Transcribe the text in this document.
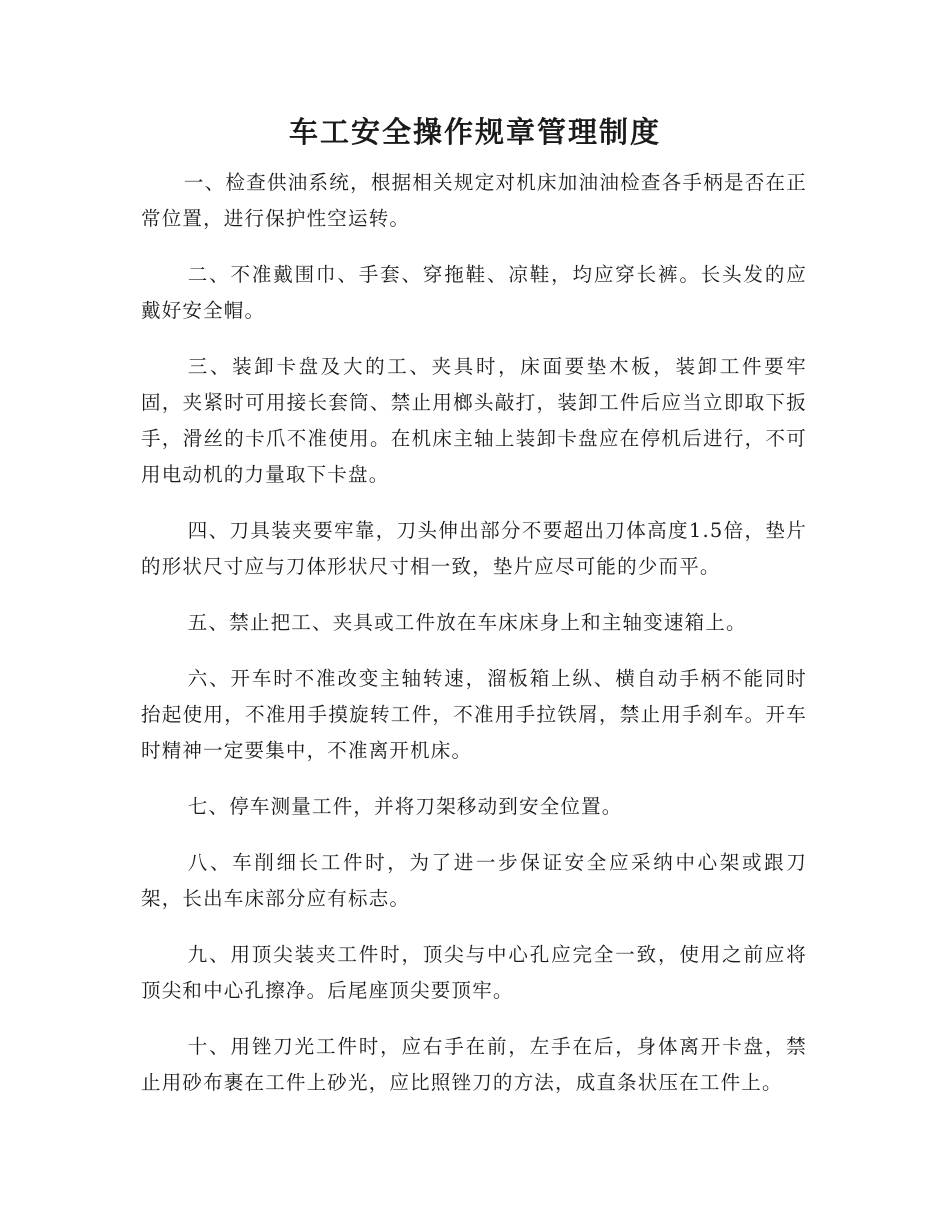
车工安全操作规章管理制度

一、检查供油系统，根据相关规定对机床加油油检查各手柄是否在正常位置，进行保护性空运转。

二、不准戴围巾、手套、穿拖鞋、凉鞋，均应穿长裤。长头发的应戴好安全帽。

三、装卸卡盘及大的工、夹具时，床面要垫木板，装卸工件要牢固，夹紧时可用接长套筒、禁止用榔头敲打，装卸工件后应当立即取下扳手，滑丝的卡爪不准使用。在机床主轴上装卸卡盘应在停机后进行，不可用电动机的力量取下卡盘。

四、刀具装夹要牢靠，刀头伸出部分不要超出刀体高度1.5倍，垫片的形状尺寸应与刀体形状尺寸相一致，垫片应尽可能的少而平。

五、禁止把工、夹具或工件放在车床床身上和主轴变速箱上。

六、开车时不准改变主轴转速，溜板箱上纵、横自动手柄不能同时抬起使用，不准用手摸旋转工件，不准用手拉铁屑，禁止用手刹车。开车时精神一定要集中，不准离开机床。

七、停车测量工件，并将刀架移动到安全位置。

八、车削细长工件时，为了进一步保证安全应采纳中心架或跟刀架，长出车床部分应有标志。

九、用顶尖装夹工件时，顶尖与中心孔应完全一致，使用之前应将顶尖和中心孔擦净。后尾座顶尖要顶牢。

十、用锉刀光工件时，应右手在前，左手在后，身体离开卡盘，禁止用砂布裹在工件上砂光，应比照锉刀的方法，成直条状压在工件上。
